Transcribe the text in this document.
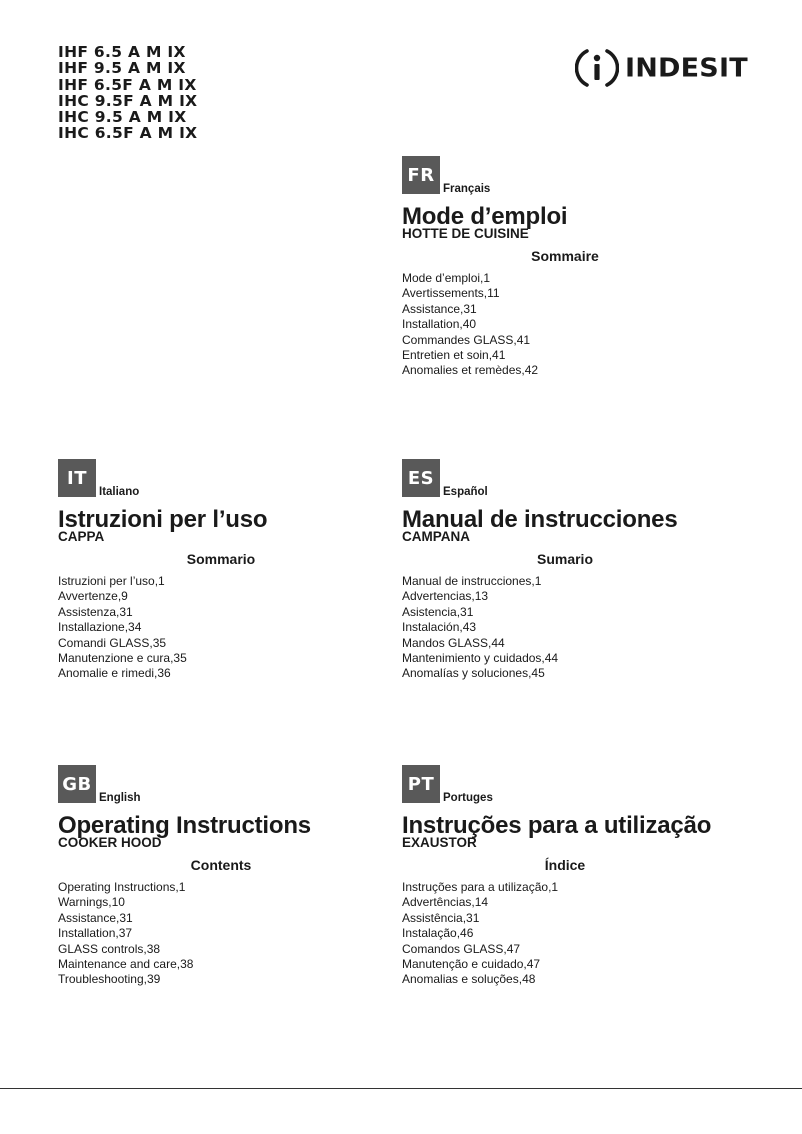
IHF 6.5 A M IX
IHF 9.5 A M IX
IHF 6.5F A M IX
IHC 9.5F A M IX
IHC 9.5 A M IX
IHC 6.5F A M IX
INDESIT
FR
Français
Mode d’emploi
HOTTE DE CUISINE
Sommaire
Mode d’emploi,1
Avertissements,11
Assistance,31
Installation,40
Commandes GLASS,41
Entretien et soin,41
Anomalies et remèdes,42
IT
Italiano
Istruzioni per l’uso
CAPPA
Sommario
Istruzioni per l’uso,1
Avvertenze,9
Assistenza,31
Installazione,34
Comandi GLASS,35
Manutenzione e cura,35
Anomalie e rimedi,36
ES
Español
Manual de instrucciones
CAMPANA
Sumario
Manual de instrucciones,1
Advertencias,13
Asistencia,31
Instalación,43
Mandos GLASS,44
Mantenimiento y cuidados,44
Anomalías y soluciones,45
GB
English
Operating Instructions
COOKER HOOD
Contents
Operating Instructions,1
Warnings,10
Assistance,31
Installation,37
GLASS controls,38
Maintenance and care,38
Troubleshooting,39
PT
Portuges
Instruções para a utilização
EXAUSTOR
Índice
Instruções para a utilização,1
Advertências,14
Assistência,31
Instalação,46
Comandos GLASS,47
Manutenção e cuidado,47
Anomalias e soluções,48
